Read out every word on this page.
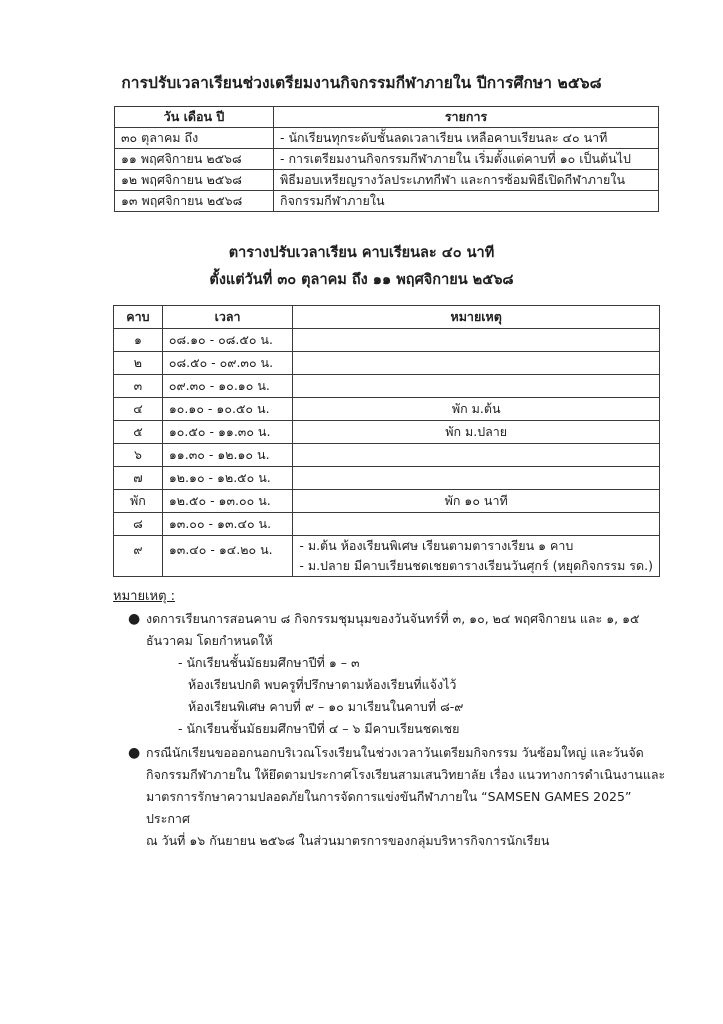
การปรับเวลาเรียนช่วงเตรียมงานกิจกรรมกีฬาภายใน ปีการศึกษา ๒๕๖๘
วัน เดือน ปี	รายการ
๓๐ ตุลาคม ถึง	- นักเรียนทุกระดับชั้นลดเวลาเรียน เหลือคาบเรียนละ ๔๐ นาที
๑๑ พฤศจิกายน ๒๕๖๘	- การเตรียมงานกิจกรรมกีฬาภายใน เริ่มตั้งแต่คาบที่ ๑๐ เป็นต้นไป
๑๒ พฤศจิกายน ๒๕๖๘	พิธีมอบเหรียญรางวัลประเภทกีฬา และการซ้อมพิธีเปิดกีฬาภายใน
๑๓ พฤศจิกายน ๒๕๖๘	กิจกรรมกีฬาภายใน
ตารางปรับเวลาเรียน คาบเรียนละ ๔๐ นาที
ตั้งแต่วันที่ ๓๐ ตุลาคม ถึง ๑๑ พฤศจิกายน ๒๕๖๘
คาบ	เวลา	หมายเหตุ
๑	๐๘.๑๐ - ๐๘.๕๐ น.	
๒	๐๘.๕๐ - ๐๙.๓๐ น.	
๓	๐๙.๓๐ - ๑๐.๑๐ น.	
๔	๑๐.๑๐ - ๑๐.๕๐ น.	พัก ม.ต้น
๕	๑๐.๕๐ - ๑๑.๓๐ น.	พัก ม.ปลาย
๖	๑๑.๓๐ - ๑๒.๑๐ น.	
๗	๑๒.๑๐ - ๑๒.๕๐ น.	
พัก	๑๒.๕๐ - ๑๓.๐๐ น.	พัก ๑๐ นาที
๘	๑๓.๐๐ - ๑๓.๔๐ น.	
๙	๑๓.๔๐ - ๑๔.๒๐ น.	- ม.ต้น ห้องเรียนพิเศษ เรียนตามตารางเรียน ๑ คาบ
- ม.ปลาย มีคาบเรียนชดเชยตารางเรียนวันศุกร์ (หยุดกิจกรรม รด.)
หมายเหตุ :
● งดการเรียนการสอนคาบ ๘ กิจกรรมชุมนุมของวันจันทร์ที่ ๓, ๑๐, ๒๔ พฤศจิกายน และ ๑, ๑๕
ธันวาคม โดยกำหนดให้
- นักเรียนชั้นมัธยมศึกษาปีที่ ๑ – ๓
ห้องเรียนปกติ พบครูที่ปรึกษาตามห้องเรียนที่แจ้งไว้
ห้องเรียนพิเศษ คาบที่ ๙ – ๑๐ มาเรียนในคาบที่ ๘-๙
- นักเรียนชั้นมัธยมศึกษาปีที่ ๔ – ๖ มีคาบเรียนชดเชย
● กรณีนักเรียนขอออกนอกบริเวณโรงเรียนในช่วงเวลาวันเตรียมกิจกรรม วันซ้อมใหญ่ และวันจัด
กิจกรรมกีฬาภายใน ให้ยึดตามประกาศโรงเรียนสามเสนวิทยาลัย เรื่อง แนวทางการดำเนินงานและ
มาตรการรักษาความปลอดภัยในการจัดการแข่งขันกีฬาภายใน “SAMSEN GAMES 2025” ประกาศ
ณ วันที่ ๑๖ กันยายน ๒๕๖๘ ในส่วนมาตรการของกลุ่มบริหารกิจการนักเรียน
